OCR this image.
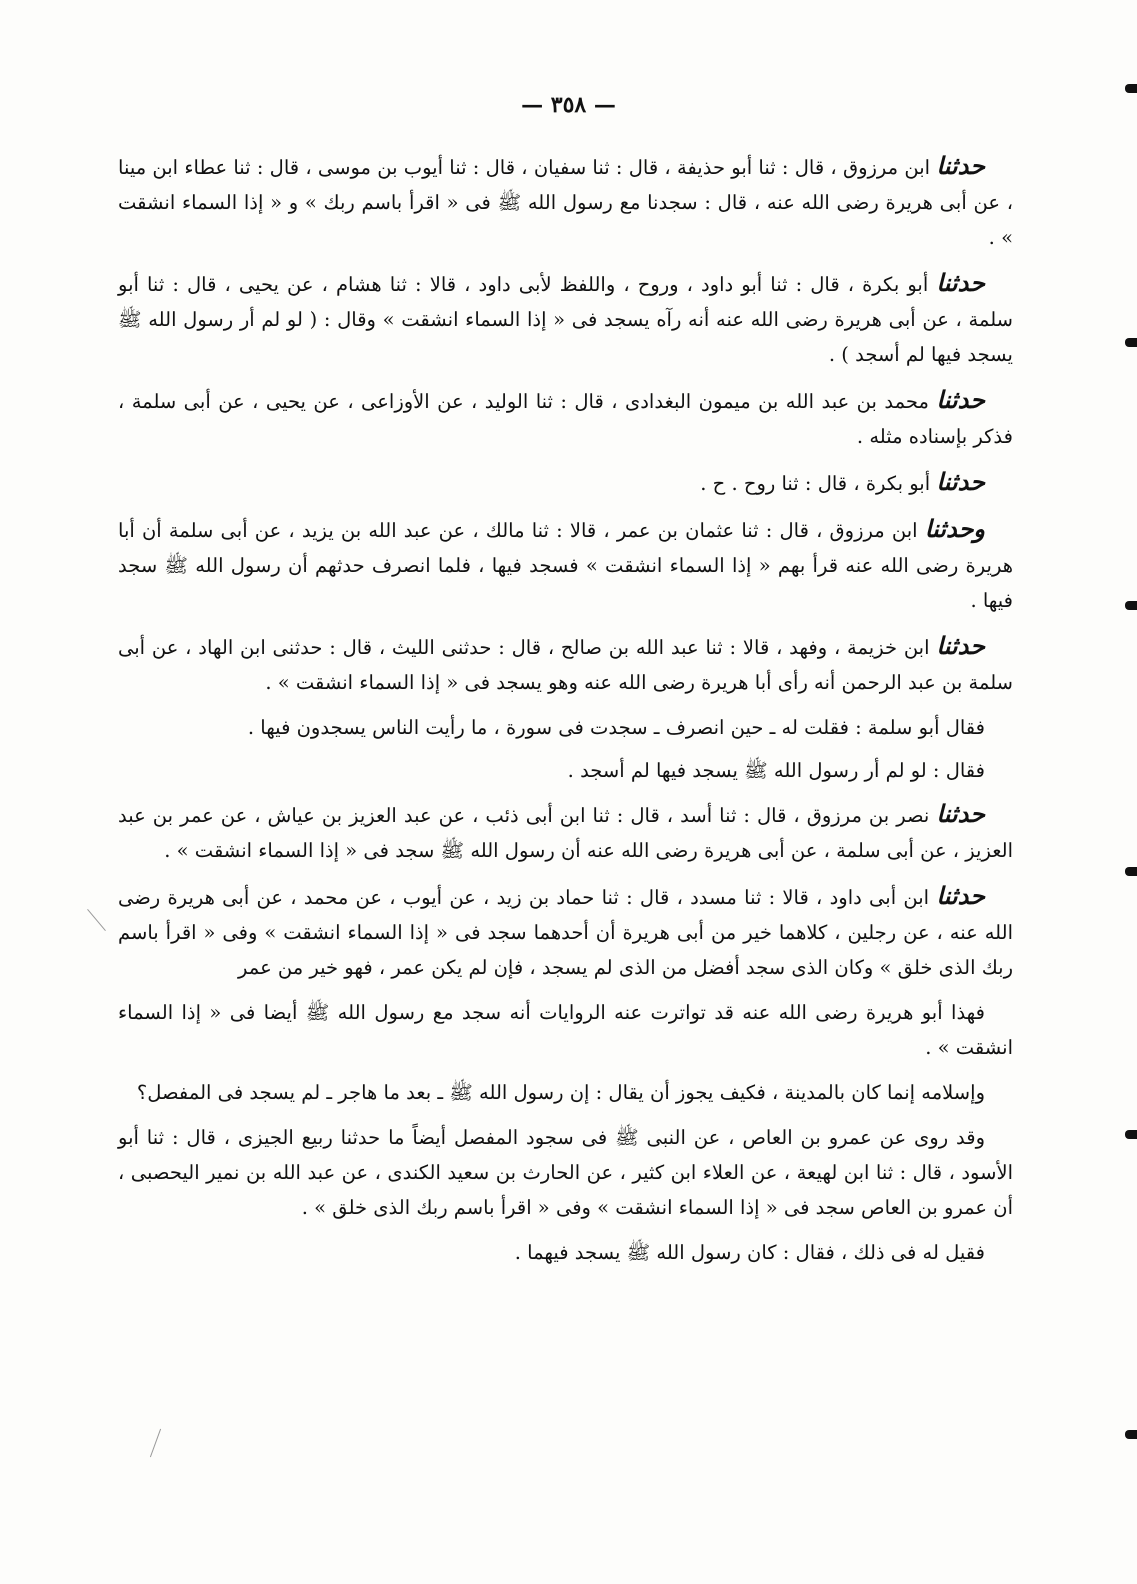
— ٣٥٨ —

حدثنا ابن مرزوق ، قال : ثنا أبو حذيفة ، قال : ثنا سفيان ، قال : ثنا أيوب بن موسى ، قال : ثنا عطاء ابن مينا ، عن أبى هريرة رضى الله عنه ، قال : سجدنا مع رسول الله ﷺ فى « اقرأ باسم ربك » و « إذا السماء انشقت » .

حدثنا أبو بكرة ، قال : ثنا أبو داود ، وروح ، واللفظ لأبى داود ، قالا : ثنا هشام ، عن يحيى ، قال : ثنا أبو سلمة ، عن أبى هريرة رضى الله عنه أنه رآه يسجد فى « إذا السماء انشقت » وقال : ( لو لم أر رسول الله ﷺ يسجد فيها لم أسجد ) .

حدثنا محمد بن عبد الله بن ميمون البغدادى ، قال : ثنا الوليد ، عن الأوزاعى ، عن يحيى ، عن أبى سلمة ، فذكر بإسناده مثله .

حدثنا أبو بكرة ، قال : ثنا روح . ح .

وحدثنا ابن مرزوق ، قال : ثنا عثمان بن عمر ، قالا : ثنا مالك ، عن عبد الله بن يزيد ، عن أبى سلمة أن أبا هريرة رضى الله عنه قرأ بهم « إذا السماء انشقت » فسجد فيها ، فلما انصرف حدثهم أن رسول الله ﷺ سجد فيها .

حدثنا ابن خزيمة ، وفهد ، قالا : ثنا عبد الله بن صالح ، قال : حدثنى الليث ، قال : حدثنى ابن الهاد ، عن أبى سلمة بن عبد الرحمن أنه رأى أبا هريرة رضى الله عنه وهو يسجد فى « إذا السماء انشقت » .

فقال أبو سلمة : فقلت له ـ حين انصرف ـ سجدت فى سورة ، ما رأيت الناس يسجدون فيها .

فقال : لو لم أر رسول الله ﷺ يسجد فيها لم أسجد .

حدثنا نصر بن مرزوق ، قال : ثنا أسد ، قال : ثنا ابن أبى ذئب ، عن عبد العزيز بن عياش ، عن عمر بن عبد العزيز ، عن أبى سلمة ، عن أبى هريرة رضى الله عنه أن رسول الله ﷺ سجد فى « إذا السماء انشقت » .

حدثنا ابن أبى داود ، قالا : ثنا مسدد ، قال : ثنا حماد بن زيد ، عن أيوب ، عن محمد ، عن أبى هريرة رضى الله عنه ، عن رجلين ، كلاهما خير من أبى هريرة أن أحدهما سجد فى « إذا السماء انشقت » وفى « اقرأ باسم ربك الذى خلق » وكان الذى سجد أفضل من الذى لم يسجد ، فإن لم يكن عمر ، فهو خير من عمر

فهذا أبو هريرة رضى الله عنه قد تواترت عنه الروايات أنه سجد مع رسول الله ﷺ أيضا فى « إذا السماء انشقت » .

وإسلامه إنما كان بالمدينة ، فكيف يجوز أن يقال : إن رسول الله ﷺ ـ بعد ما هاجر ـ لم يسجد فى المفصل؟

وقد روى عن عمرو بن العاص ، عن النبى ﷺ فى سجود المفصل أيضاً ما حدثنا ربيع الجيزى ، قال : ثنا أبو الأسود ، قال : ثنا ابن لهيعة ، عن العلاء ابن كثير ، عن الحارث بن سعيد الكندى ، عن عبد الله بن نمير اليحصبى ، أن عمرو بن العاص سجد فى « إذا السماء انشقت » وفى « اقرأ باسم ربك الذى خلق » .

فقيل له فى ذلك ، فقال : كان رسول الله ﷺ يسجد فيهما .
